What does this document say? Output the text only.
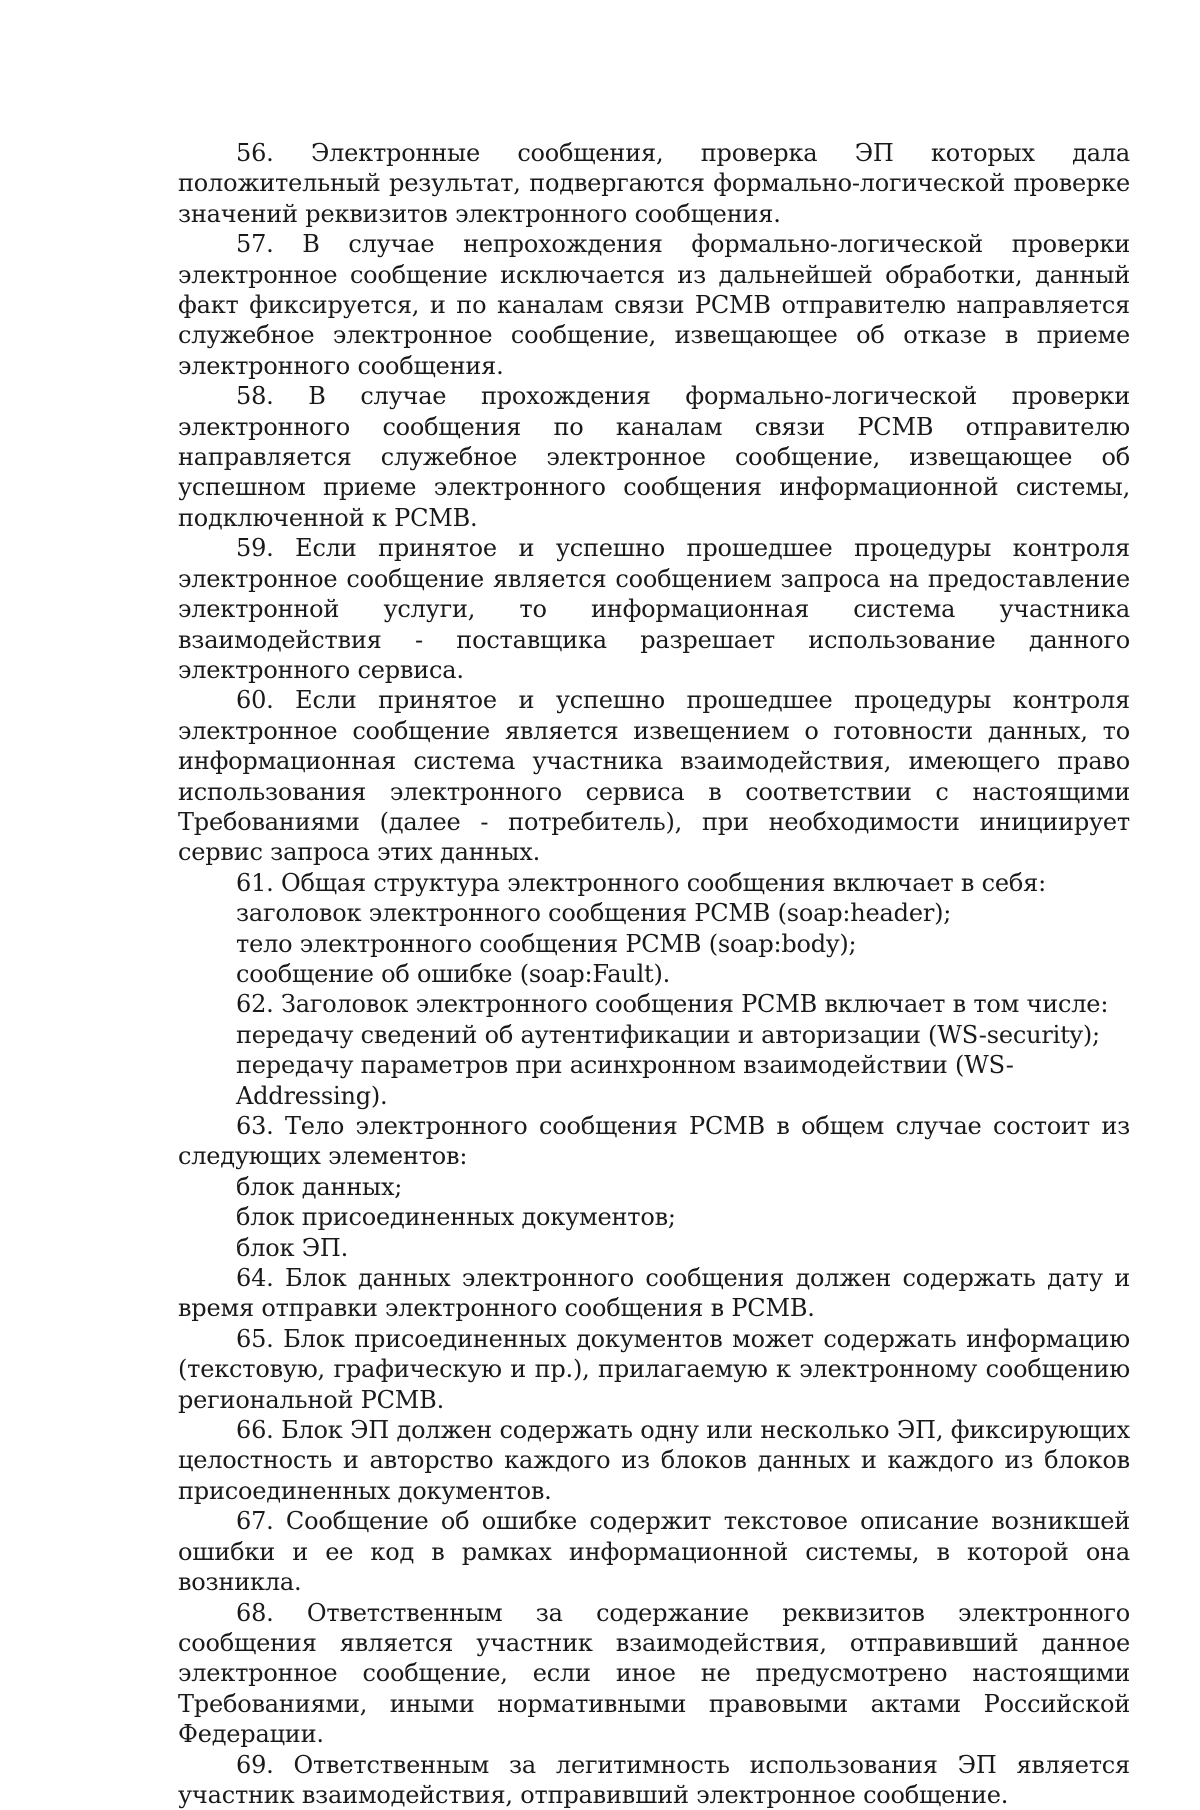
56. Электронные сообщения, проверка ЭП которых дала положительный результат, подвергаются формально-логической проверке значений реквизитов электронного сообщения.

57. В случае непрохождения формально-логической проверки электронное сообщение исключается из дальнейшей обработки, данный факт фиксируется, и по каналам связи РСМВ отправителю направляется служебное электронное сообщение, извещающее об отказе в приеме электронного сообщения.

58. В случае прохождения формально-логической проверки электронного сообщения по каналам связи РСМВ отправителю направляется служебное электронное сообщение, извещающее об успешном приеме электронного сообщения информационной системы, подключенной к РСМВ.

59. Если принятое и успешно прошедшее процедуры контроля электронное сообщение является сообщением запроса на предоставление электронной услуги, то информационная система участника взаимодействия - поставщика разрешает использование данного электронного сервиса.

60. Если принятое и успешно прошедшее процедуры контроля электронное сообщение является извещением о готовности данных, то информационная система участника взаимодействия, имеющего право использования электронного сервиса в соответствии с настоящими Требованиями (далее - потребитель), при необходимости инициирует сервис запроса этих данных.

61. Общая структура электронного сообщения включает в себя:

заголовок электронного сообщения РСМВ (soap:header);

тело электронного сообщения РСМВ (soap:body);

сообщение об ошибке (soap:Fault).

62. Заголовок электронного сообщения РСМВ включает в том числе:

передачу сведений об аутентификации и авторизации (WS-security);

передачу параметров при асинхронном взаимодействии (WS-Addressing).

63. Тело электронного сообщения РСМВ в общем случае состоит из следующих элементов:

блок данных;

блок присоединенных документов;

блок ЭП.

64. Блок данных электронного сообщения должен содержать дату и время отправки электронного сообщения в РСМВ.

65. Блок присоединенных документов может содержать информацию (текстовую, графическую и пр.), прилагаемую к электронному сообщению региональной РСМВ.

66. Блок ЭП должен содержать одну или несколько ЭП, фиксирующих целостность и авторство каждого из блоков данных и каждого из блоков присоединенных документов.

67. Сообщение об ошибке содержит текстовое описание возникшей ошибки и ее код в рамках информационной системы, в которой она возникла.

68. Ответственным за содержание реквизитов электронного сообщения является участник взаимодействия, отправивший данное электронное сообщение, если иное не предусмотрено настоящими Требованиями, иными нормативными правовыми актами Российской Федерации.

69. Ответственным за легитимность использования ЭП является участник взаимодействия, отправивший электронное сообщение.
